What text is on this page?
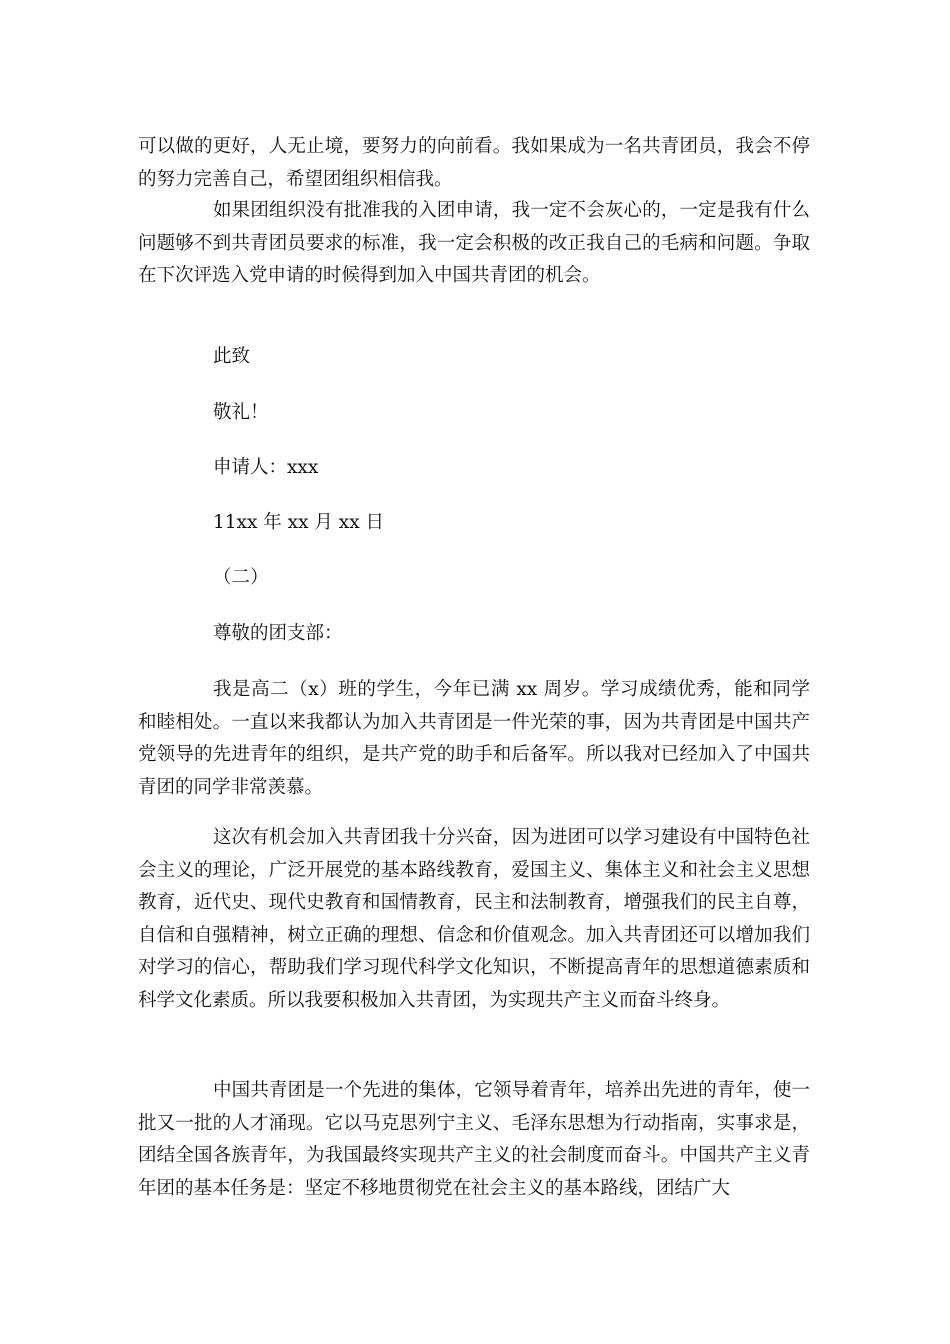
可以做的更好，人无止境，要努力的向前看。我如果成为一名共青团员，我会不停的努力完善自己，希望团组织相信我。

如果团组织没有批准我的入团申请，我一定不会灰心的，一定是我有什么问题够不到共青团员要求的标准，我一定会积极的改正我自己的毛病和问题。争取在下次评选入党申请的时候得到加入中国共青团的机会。

此致

敬礼！

申请人：xxx

11xx 年 xx 月 xx 日

（二）

尊敬的团支部：

我是高二（x）班的学生，今年已满 xx 周岁。学习成绩优秀，能和同学和睦相处。一直以来我都认为加入共青团是一件光荣的事，因为共青团是中国共产党领导的先进青年的组织，是共产党的助手和后备军。所以我对已经加入了中国共青团的同学非常羡慕。

这次有机会加入共青团我十分兴奋，因为进团可以学习建设有中国特色社会主义的理论，广泛开展党的基本路线教育，爱国主义、集体主义和社会主义思想教育，近代史、现代史教育和国情教育，民主和法制教育，增强我们的民主自尊，自信和自强精神，树立正确的理想、信念和价值观念。加入共青团还可以增加我们对学习的信心，帮助我们学习现代科学文化知识，不断提高青年的思想道德素质和科学文化素质。所以我要积极加入共青团，为实现共产主义而奋斗终身。

中国共青团是一个先进的集体，它领导着青年，培养出先进的青年，使一批又一批的人才涌现。它以马克思列宁主义、毛泽东思想为行动指南，实事求是，团结全国各族青年，为我国最终实现共产主义的社会制度而奋斗。中国共产主义青年团的基本任务是：坚定不移地贯彻党在社会主义的基本路线，团结广大
